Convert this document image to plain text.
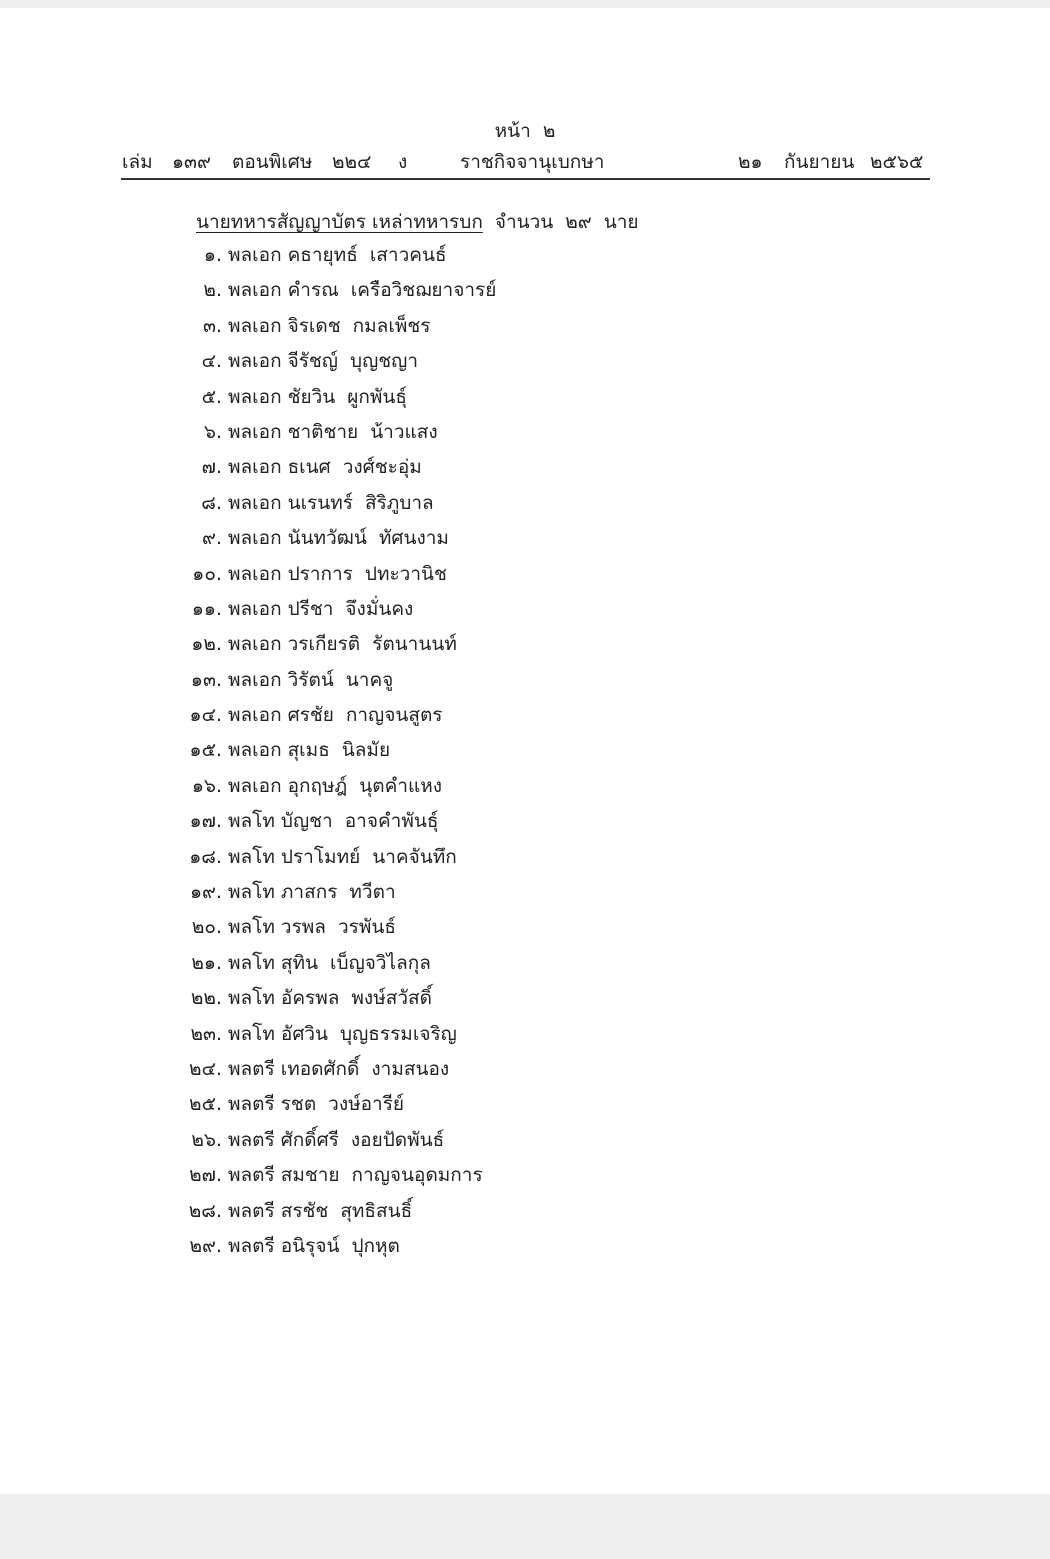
หน้า ๒
เล่ม ๑๓๙ ตอนพิเศษ ๒๒๔ ง	ราชกิจจานุเบกษา	๒๑ กันยายน ๒๕๖๕
นายทหารสัญญาบัตร เหล่าทหารบก จำนวน ๒๙ นาย
๑. พลเอก คธายุทธ์ เสาวคนธ์
๒. พลเอก คำรณ เครือวิชฌยาจารย์
๓. พลเอก จิรเดช กมลเพ็ชร
๔. พลเอก จีรัชญ์ บุญชญา
๕. พลเอก ชัยวิน ผูกพันธุ์
๖. พลเอก ชาติชาย น้าวแสง
๗. พลเอก ธเนศ วงศ์ชะอุ่ม
๘. พลเอก นเรนทร์ สิริภูบาล
๙. พลเอก นันทวัฒน์ ทัศนงาม
๑๐. พลเอก ปราการ ปทะวานิช
๑๑. พลเอก ปรีชา จึงมั่นคง
๑๒. พลเอก วรเกียรติ รัตนานนท์
๑๓. พลเอก วิรัตน์ นาคจู
๑๔. พลเอก ศรชัย กาญจนสูตร
๑๕. พลเอก สุเมธ นิลมัย
๑๖. พลเอก อุกฤษฎ์ นุตคำแหง
๑๗. พลโท บัญชา อาจคำพันธุ์
๑๘. พลโท ปราโมทย์ นาคจันทึก
๑๙. พลโท ภาสกร ทวีตา
๒๐. พลโท วรพล วรพันธ์
๒๑. พลโท สุทิน เบ็ญจวิไลกุล
๒๒. พลโท อัครพล พงษ์สวัสดิ์
๒๓. พลโท อัศวิน บุญธรรมเจริญ
๒๔. พลตรี เทอดศักดิ์ งามสนอง
๒๕. พลตรี รชต วงษ์อารีย์
๒๖. พลตรี ศักดิ์ศรี งอยปัดพันธ์
๒๗. พลตรี สมชาย กาญจนอุดมการ
๒๘. พลตรี สรชัช สุทธิสนธิ์
๒๙. พลตรี อนิรุจน์ ปุกหุต
